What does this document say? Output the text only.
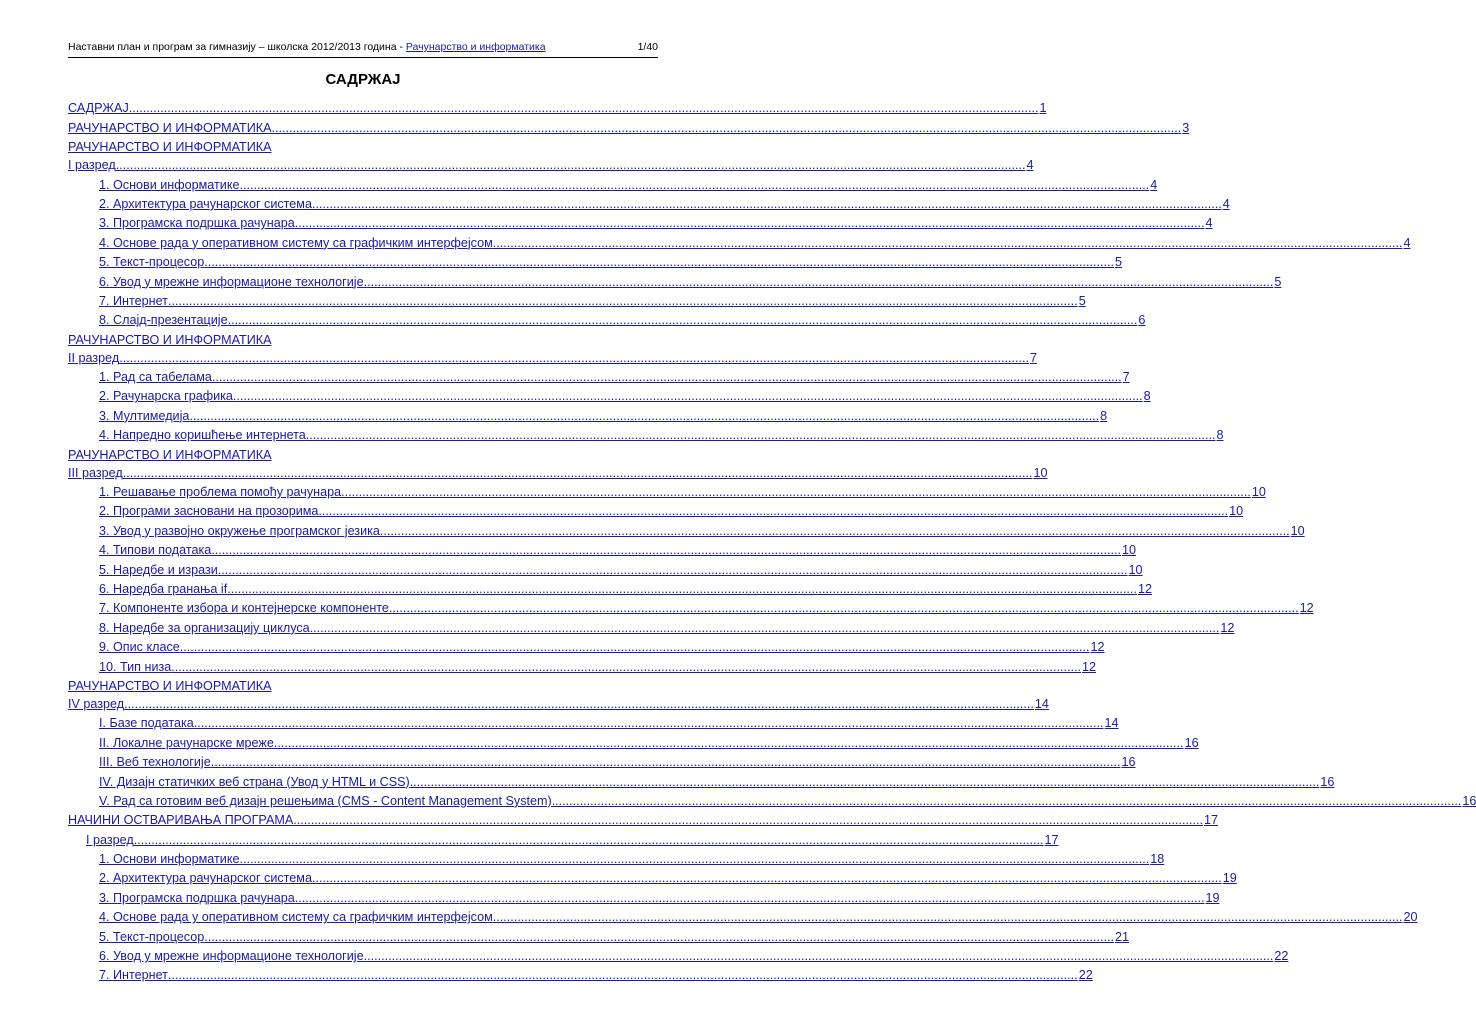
Наставни план и програм за гимназију – школска 2012/2013 година - Рачунарство и информатика	1/40
САДРЖАЈ
САДРЖАЈ .................................................................................................................................................................................................................................................................... 1
РАЧУНАРСТВО И ИНФОРМАТИКА .................................................................................................................................................................................................................................................................... 3
РАЧУНАРСТВО И ИНФОРМАТИКА
I разред .................................................................................................................................................................................................................................................................... 4
1. Основи информатике .................................................................................................................................................................................................................................................................... 4
2. Архитектура рачунарског система .................................................................................................................................................................................................................................................................... 4
3. Програмска подршка рачунара .................................................................................................................................................................................................................................................................... 4
4. Основе рада у оперативном систему са графичким интерфејсом .................................................................................................................................................................................................................................................................... 4
5. Текст-процесор .................................................................................................................................................................................................................................................................... 5
6. Увод у мрежне информационе технологије .................................................................................................................................................................................................................................................................... 5
7. Интернет .................................................................................................................................................................................................................................................................... 5
8. Слајд-презентације .................................................................................................................................................................................................................................................................... 6
РАЧУНАРСТВО И ИНФОРМАТИКА
II разред .................................................................................................................................................................................................................................................................... 7
1. Рад са табелама .................................................................................................................................................................................................................................................................... 7
2. Рачунарска графика .................................................................................................................................................................................................................................................................... 8
3. Мултимедија .................................................................................................................................................................................................................................................................... 8
4. Напредно коришћење интернета .................................................................................................................................................................................................................................................................... 8
РАЧУНАРСТВО И ИНФОРМАТИКА
III разред .................................................................................................................................................................................................................................................................... 10
1. Решавање проблема помоћу рачунара .................................................................................................................................................................................................................................................................... 10
2. Програми засновани на прозорима .................................................................................................................................................................................................................................................................... 10
3. Увод у развојно окружење програмског језика .................................................................................................................................................................................................................................................................... 10
4. Типови података .................................................................................................................................................................................................................................................................... 10
5. Наредбе и изрази .................................................................................................................................................................................................................................................................... 10
6. Наредба гранања if .................................................................................................................................................................................................................................................................... 12
7. Компоненте избора и контејнерске компоненте .................................................................................................................................................................................................................................................................... 12
8. Наредбе за организацију циклуса .................................................................................................................................................................................................................................................................... 12
9. Опис класе .................................................................................................................................................................................................................................................................... 12
10. Тип низа .................................................................................................................................................................................................................................................................... 12
РАЧУНАРСТВО И ИНФОРМАТИКА
IV разред .................................................................................................................................................................................................................................................................... 14
I. Базе података .................................................................................................................................................................................................................................................................... 14
II. Локалне рачунарске мреже .................................................................................................................................................................................................................................................................... 16
III. Веб технологије .................................................................................................................................................................................................................................................................... 16
IV. Дизајн статичких веб страна (Увод у HTML и CSS) .................................................................................................................................................................................................................................................................... 16
V. Рад са готовим веб дизајн решењима (CMS - Content Management System) .................................................................................................................................................................................................................................................................... 16
НАЧИНИ ОСТВАРИВАЊА ПРОГРАМА .................................................................................................................................................................................................................................................................... 17
I разред .................................................................................................................................................................................................................................................................... 17
1. Основи информатике .................................................................................................................................................................................................................................................................... 18
2. Архитектура рачунарског система .................................................................................................................................................................................................................................................................... 19
3. Програмска подршка рачунара .................................................................................................................................................................................................................................................................... 19
4. Основе рада у оперативном систему са графичким интерфејсом .................................................................................................................................................................................................................................................................... 20
5. Текст-процесор .................................................................................................................................................................................................................................................................... 21
6. Увод у мрежне информационе технологије .................................................................................................................................................................................................................................................................... 22
7. Интернет .................................................................................................................................................................................................................................................................... 22
